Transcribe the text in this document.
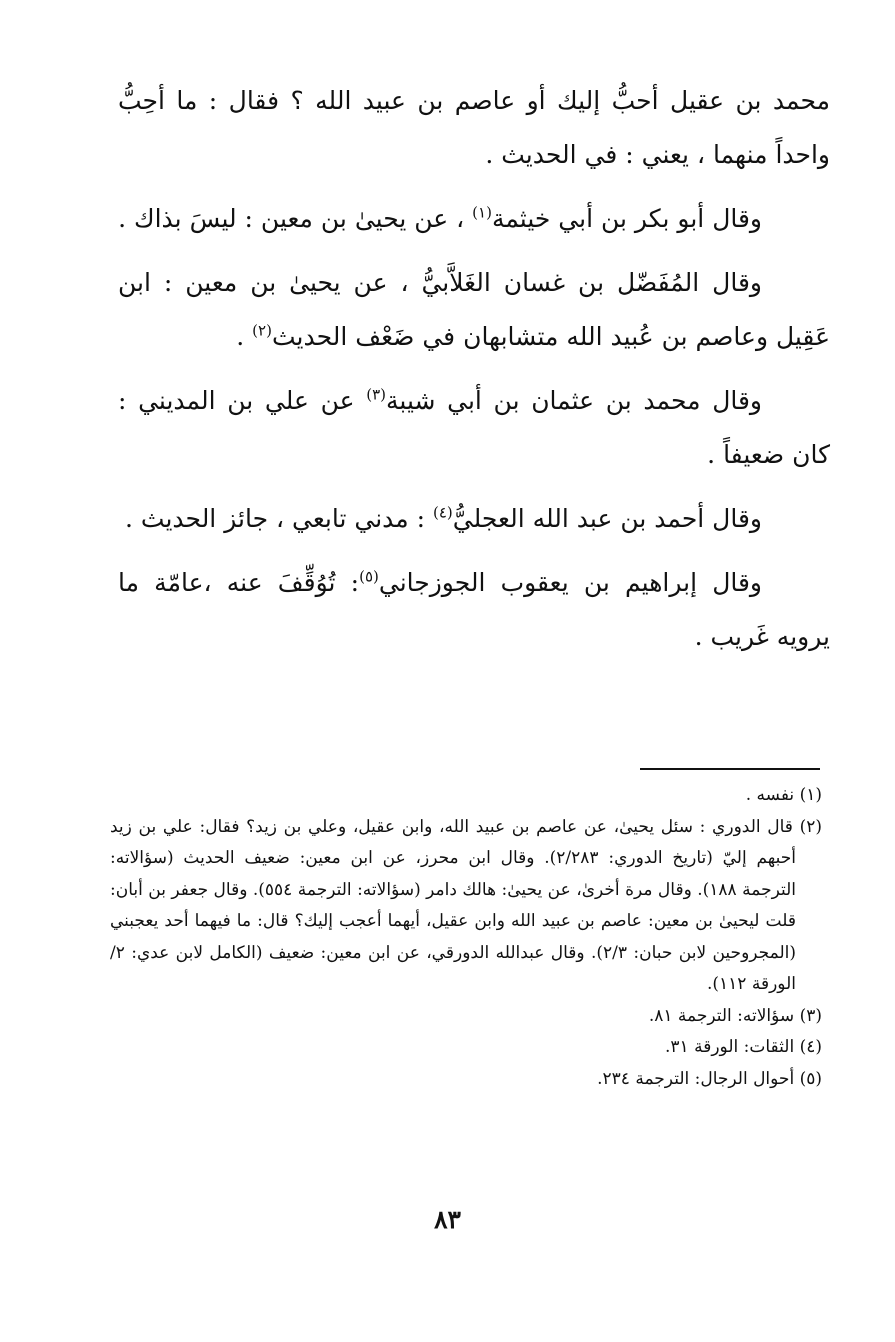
محمد بن عقيل أحبُّ إليك أو عاصم بن عبيد الله ؟ فقال : ما أحِبُّ واحداً منهما ، يعني : في الحديث .

وقال أبو بكر بن أبي خيثمة$^{(١)}$ ، عن يحيىٰ بن معين : ليسَ بذاك .

وقال المُفَضّل بن غسان الغَلاَّبيُّ ، عن يحيىٰ بن معين : ابن عَقِيل وعاصم بن عُبيد الله متشابهان في ضَعْف الحديث$^{(٢)}$ .

وقال محمد بن عثمان بن أبي شيبة$^{(٣)}$ عن علي بن المديني : كان ضعيفاً .

وقال أحمد بن عبد الله العجليُّ$^{(٤)}$ : مدني تابعي ، جائز الحديث .

وقال إبراهيم بن يعقوب الجوزجاني$^{(٥)}$: تُوُقِّفَ عنه ،عامّة ما يرويه غَريب .

(١) نفسه .

(٢) قال الدوري : سئل يحيىٰ، عن عاصم بن عبيد الله، وابن عقيل، وعلي بن زيد؟ فقال: علي بن زيد أحبهم إليّ (تاريخ الدوري: ٢/٢٨٣). وقال ابن محرز، عن ابن معين: ضعيف الحديث (سؤالاته: الترجمة ١٨٨). وقال مرة أخرىٰ، عن يحيىٰ: هالك دامر (سؤالاته: الترجمة ٥٥٤). وقال جعفر بن أبان: قلت ليحيىٰ بن معين: عاصم بن عبيد الله وابن عقيل، أيهما أعجب إليك؟ قال: ما فيهما أحد يعجبني (المجروحين لابن حبان: ٢/٣). وقال عبدالله الدورقي، عن ابن معين: ضعيف (الكامل لابن عدي: ٢/الورقة ١١٢).

(٣) سؤالاته: الترجمة ٨١.

(٤) الثقات: الورقة ٣١.

(٥) أحوال الرجال: الترجمة ٢٣٤.

٨٣
